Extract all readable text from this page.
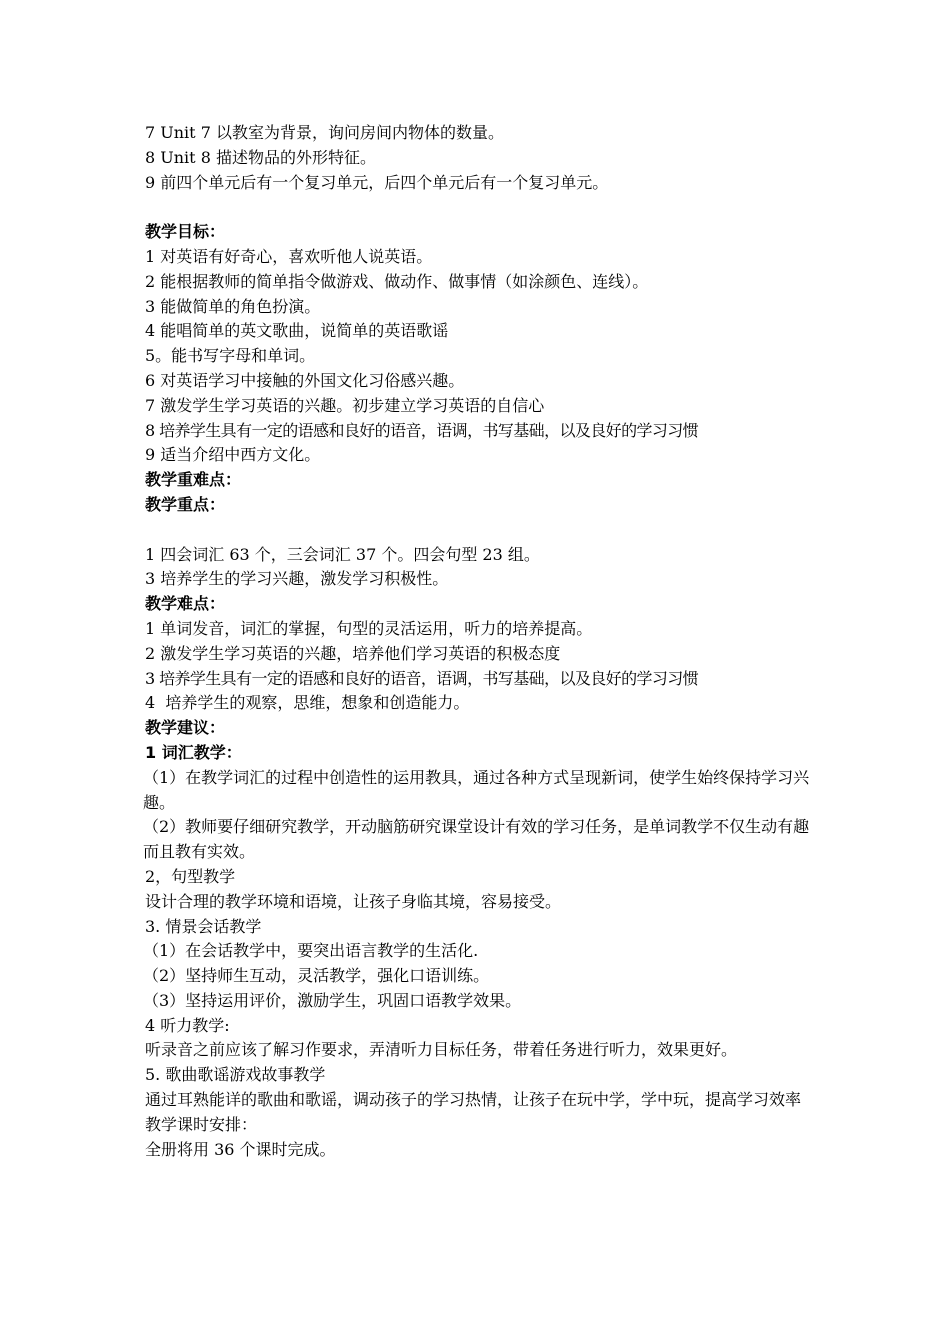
7 Unit 7 以教室为背景，询问房间内物体的数量。

8 Unit 8 描述物品的外形特征。

9 前四个单元后有一个复习单元，后四个单元后有一个复习单元。

教学目标：

1 对英语有好奇心，喜欢听他人说英语。

2 能根据教师的简单指令做游戏、做动作、做事情（如涂颜色、连线）。

3 能做简单的角色扮演。

4 能唱简单的英文歌曲，说简单的英语歌谣

5。能书写字母和单词。

6 对英语学习中接触的外国文化习俗感兴趣。

7 激发学生学习英语的兴趣。初步建立学习英语的自信心

8 培养学生具有一定的语感和良好的语音，语调，书写基础，以及良好的学习习惯

9 适当介绍中西方文化。

教学重难点：

教学重点：

1 四会词汇 63 个，三会词汇 37 个。四会句型 23 组。

3 培养学生的学习兴趣，激发学习积极性。

教学难点：

1 单词发音，词汇的掌握，句型的灵活运用，听力的培养提高。

2 激发学生学习英语的兴趣，培养他们学习英语的积极态度

3 培养学生具有一定的语感和良好的语音，语调，书写基础，以及良好的学习习惯

4  培养学生的观察，思维，想象和创造能力。

教学建议：

1 词汇教学：

（1）在教学词汇的过程中创造性的运用教具，通过各种方式呈现新词，使学生始终保持学习兴趣。

（2）教师要仔细研究教学，开动脑筋研究课堂设计有效的学习任务，是单词教学不仅生动有趣而且教有实效。

2，句型教学

设计合理的教学环境和语境，让孩子身临其境，容易接受。

3. 情景会话教学

（1）在会话教学中，要突出语言教学的生活化.

（2）坚持师生互动，灵活教学，强化口语训练。

（3）坚持运用评价，激励学生，巩固口语教学效果。

4 听力教学:

听录音之前应该了解习作要求，弄清听力目标任务，带着任务进行听力，效果更好。

5. 歌曲歌谣游戏故事教学

通过耳熟能详的歌曲和歌谣，调动孩子的学习热情，让孩子在玩中学，学中玩，提高学习效率

教学课时安排：

全册将用 36 个课时完成。
